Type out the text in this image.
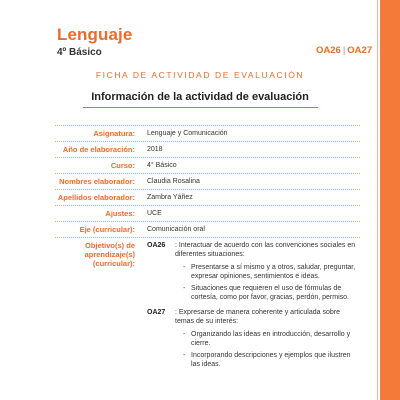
Lenguaje
4º Básico	OA26 | OA27
FICHA DE ACTIVIDAD DE EVALUACIÓN
Información de la actividad de evaluación
Asignatura:	Lenguaje y Comunicación
Año de elaboración:	2018
Curso:	4° Básico
Nombres elaborador:	Claudia Rosalina
Apellidos elaborador:	Zambra Yáñez
Ajustes:	UCE
Eje (curricular):	Comunicación oral
Objetivo(s) de aprendizaje(s) (curricular):
OA26 : Interactuar de acuerdo con las convenciones sociales en diferentes situaciones:
- Presentarse a sí mismo y a otros, saludar, preguntar, expresar opiniones, sentimientos e ideas.
- Situaciones que requieren el uso de fórmulas de cortesía, como por favor, gracias, perdón, permiso.
OA27 : Expresarse de manera coherente y articulada sobre temas de su interés:
- Organizando las ideas en introducción, desarrollo y cierre.
- Incorporando descripciones y ejemplos que ilustren las ideas.
